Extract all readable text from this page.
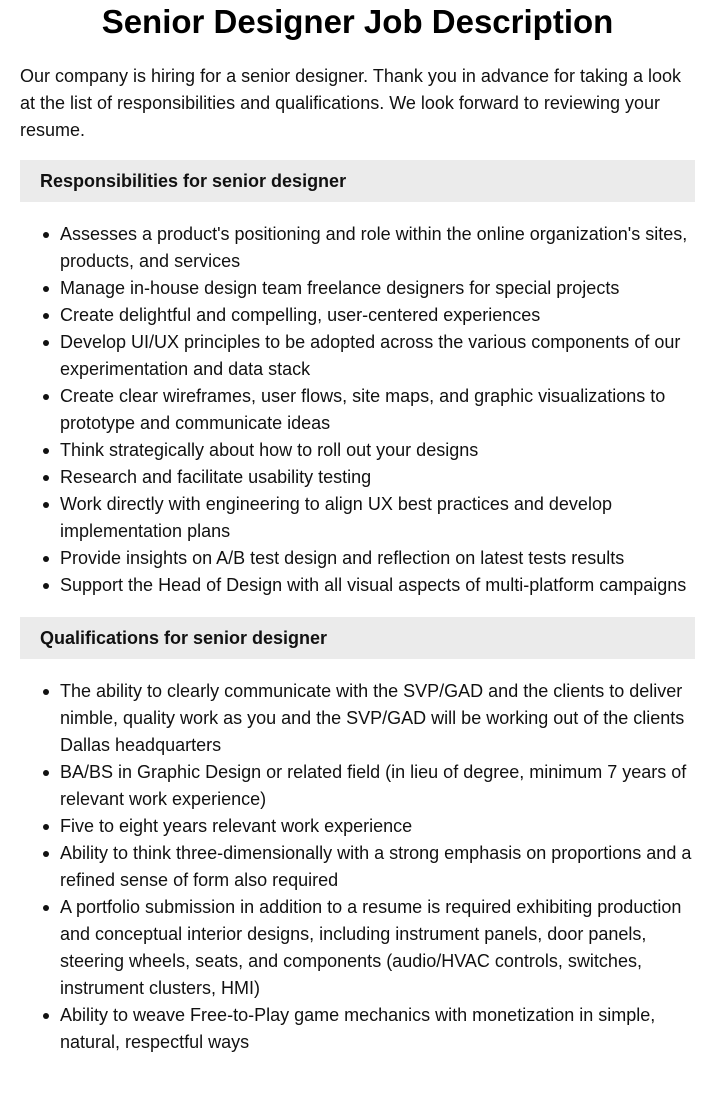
Senior Designer Job Description

Our company is hiring for a senior designer. Thank you in advance for taking a look at the list of responsibilities and qualifications. We look forward to reviewing your resume.

Responsibilities for senior designer
Assesses a product's positioning and role within the online organization's sites, products, and services
Manage in-house design team freelance designers for special projects
Create delightful and compelling, user-centered experiences
Develop UI/UX principles to be adopted across the various components of our experimentation and data stack
Create clear wireframes, user flows, site maps, and graphic visualizations to prototype and communicate ideas
Think strategically about how to roll out your designs
Research and facilitate usability testing
Work directly with engineering to align UX best practices and develop implementation plans
Provide insights on A/B test design and reflection on latest tests results
Support the Head of Design with all visual aspects of multi-platform campaigns
Qualifications for senior designer
The ability to clearly communicate with the SVP/GAD and the clients to deliver nimble, quality work as you and the SVP/GAD will be working out of the clients Dallas headquarters
BA/BS in Graphic Design or related field (in lieu of degree, minimum 7 years of relevant work experience)
Five to eight years relevant work experience
Ability to think three-dimensionally with a strong emphasis on proportions and a refined sense of form also required
A portfolio submission in addition to a resume is required exhibiting production and conceptual interior designs, including instrument panels, door panels, steering wheels, seats, and components (audio/HVAC controls, switches, instrument clusters, HMI)
Ability to weave Free-to-Play game mechanics with monetization in simple, natural, respectful ways
